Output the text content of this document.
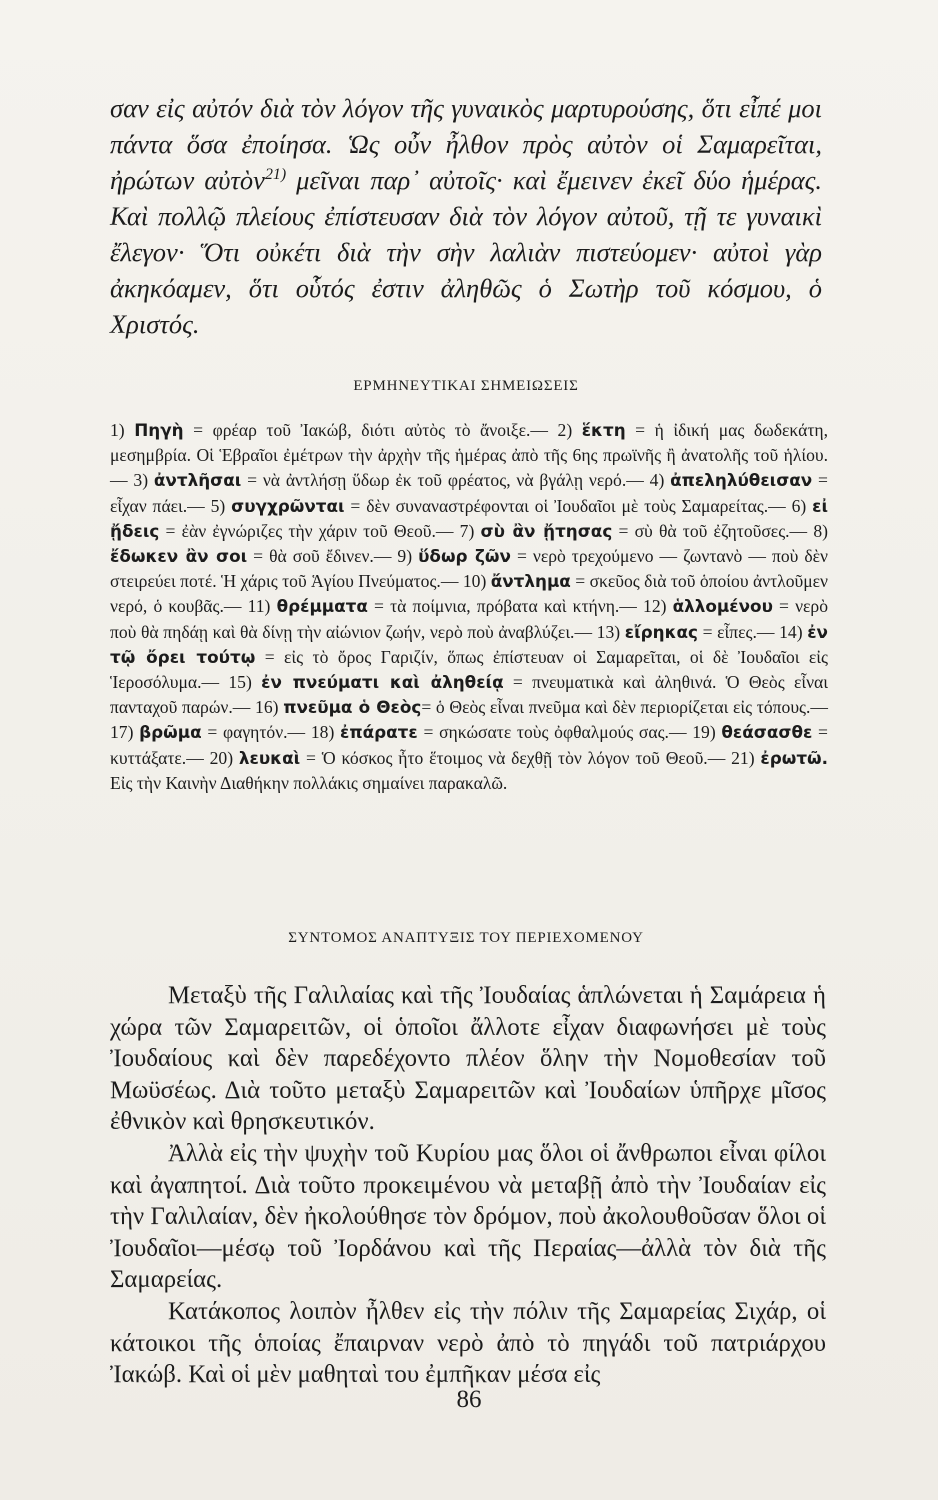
σαν εἰς αὐτόν διὰ τὸν λόγον τῆς γυναικὸς μαρτυρούσης, ὅτι εἶπέ μοι πάντα ὅσα ἐποίησα. Ὡς οὖν ἦλθον πρὸς αὐτὸν οἱ Σαμαρεῖται, ἠρώτων αὐτὸν$^{21)}$ μεῖναι παρ᾽ αὐτοῖς· καὶ ἔμεινεν ἐκεῖ δύο ἡμέρας. Καὶ πολλῷ πλείους ἐπίστευσαν διὰ τὸν λόγον αὐτοῦ, τῇ τε γυναικὶ ἔλεγον· Ὅτι οὐκέτι διὰ τὴν σὴν λαλιὰν πιστεύομεν· αὐτοὶ γὰρ ἀκηκόαμεν, ὅτι οὗτός ἐστιν ἀληθῶς ὁ Σωτὴρ τοῦ κόσμου, ὁ Χριστός.

ΕΡΜΗΝΕΥΤΙΚΑΙ ΣΗΜΕΙΩΣΕΙΣ

1) Πηγὴ = φρέαρ τοῦ Ἰακώβ, διότι αὐτὸς τὸ ἄνοιξε.— 2) ἕκτη = ἡ ἰδική μας δωδεκάτη, μεσημβρία. Οἱ Ἑβραῖοι ἐμέτρων τὴν ἀρχὴν τῆς ἡμέρας ἀπὸ τῆς 6ης πρωϊνῆς ἢ ἀνατολῆς τοῦ ἡλίου.— 3) ἀντλῆσαι = νὰ ἀντλήσῃ ὕδωρ ἐκ τοῦ φρέατος, νὰ βγάλῃ νερό.— 4) ἀπεληλύθεισαν = εἶχαν πάει.— 5) συγχρῶνται = δὲν συναναστρέφονται οἱ Ἰουδαῖοι μὲ τοὺς Σαμαρείτας.— 6) εἰ ᾔδεις = ἐὰν ἐγνώριζες τὴν χάριν τοῦ Θεοῦ.— 7) σὺ ἂν ᾔτησας = σὺ θὰ τοῦ ἐζητοῦσες.— 8) ἔδωκεν ἂν σοι = θὰ σοῦ ἔδινεν.— 9) ὕδωρ ζῶν = νερὸ τρεχούμενο — ζωντανὸ — ποὺ δὲν στειρεύει ποτέ. Ἡ χάρις τοῦ Ἁγίου Πνεύματος.— 10) ἄντλημα = σκεῦος διὰ τοῦ ὁποίου ἀντλοῦμεν νερό, ὁ κουβᾶς.— 11) θρέμματα = τὰ ποίμνια, πρόβατα καὶ κτήνη.— 12) ἁλλομένου = νερὸ ποὺ θὰ πηδάῃ καὶ θὰ δίνῃ τὴν αἰώνιον ζωήν, νερὸ ποὺ ἀναβλύζει.— 13) εἴρηκας = εἶπες.— 14) ἐν τῷ ὄρει τούτῳ = εἰς τὸ ὄρος Γαριζίν, ὅπως ἐπίστευαν οἱ Σαμαρεῖται, οἱ δὲ Ἰουδαῖοι εἰς Ἱεροσόλυμα.— 15) ἐν πνεύματι καὶ ἀληθείᾳ = πνευματικὰ καὶ ἀληθινά. Ὁ Θεὸς εἶναι πανταχοῦ παρών.— 16) πνεῦμα ὁ Θεὸς= ὁ Θεὸς εἶναι πνεῦμα καὶ δὲν περιορίζεται εἰς τόπους.— 17) βρῶμα = φαγητόν.— 18) ἐπάρατε = σηκώσατε τοὺς ὀφθαλμούς σας.— 19) θεάσασθε = κυττάξατε.— 20) λευκαὶ = Ὁ κόσκος ἦτο ἕτοιμος νὰ δεχθῇ τὸν λόγον τοῦ Θεοῦ.— 21) ἐρωτῶ. Εἰς τὴν Καινὴν Διαθήκην πολλάκις σημαίνει παρακαλῶ.

ΣΥΝΤΟΜΟΣ ΑΝΑΠΤΥΞΙΣ ΤΟΥ ΠΕΡΙΕΧΟΜΕΝΟΥ

Μεταξὺ τῆς Γαλιλαίας καὶ τῆς Ἰουδαίας ἁπλώνεται ἡ Σαμάρεια ἡ χώρα τῶν Σαμαρειτῶν, οἱ ὁποῖοι ἄλλοτε εἶχαν διαφωνήσει μὲ τοὺς Ἰουδαίους καὶ δὲν παρεδέχοντο πλέον ὅλην τὴν Νομοθεσίαν τοῦ Μωϋσέως. Διὰ τοῦτο μεταξὺ Σαμαρειτῶν καὶ Ἰουδαίων ὑπῆρχε μῖσος ἐθνικὸν καὶ θρησκευτικόν.

Ἀλλὰ εἰς τὴν ψυχὴν τοῦ Κυρίου μας ὅλοι οἱ ἄνθρωποι εἶναι φίλοι καὶ ἀγαπητοί. Διὰ τοῦτο προκειμένου νὰ μεταβῇ ἀπὸ τὴν Ἰουδαίαν εἰς τὴν Γαλιλαίαν, δὲν ἠκολούθησε τὸν δρόμον, ποὺ ἀκολουθοῦσαν ὅλοι οἱ Ἰουδαῖοι—μέσῳ τοῦ Ἰορδάνου καὶ τῆς Περαίας—ἀλλὰ τὸν διὰ τῆς Σαμαρείας.

Κατάκοπος λοιπὸν ἦλθεν εἰς τὴν πόλιν τῆς Σαμαρείας Σιχάρ, οἱ κάτοικοι τῆς ὁποίας ἔπαιρναν νερὸ ἀπὸ τὸ πηγάδι τοῦ πατριάρχου Ἰακώβ. Καὶ οἱ μὲν μαθηταὶ του ἐμπῆκαν μέσα εἰς

86
